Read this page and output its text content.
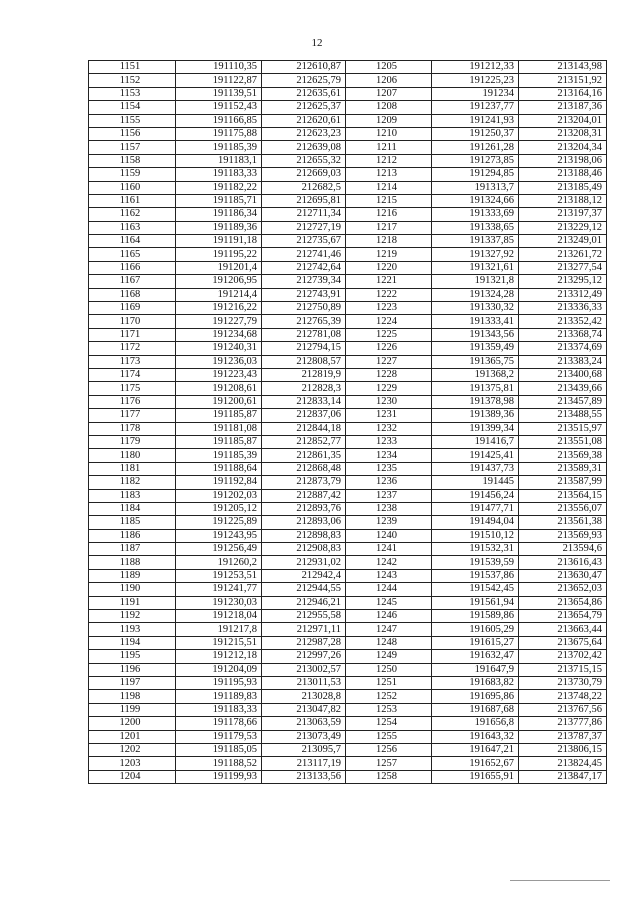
12
1151	191110,35	212610,87	1205	191212,33	213143,98
1152	191122,87	212625,79	1206	191225,23	213151,92
1153	191139,51	212635,61	1207	191234	213164,16
1154	191152,43	212625,37	1208	191237,77	213187,36
1155	191166,85	212620,61	1209	191241,93	213204,01
1156	191175,88	212623,23	1210	191250,37	213208,31
1157	191185,39	212639,08	1211	191261,28	213204,34
1158	191183,1	212655,32	1212	191273,85	213198,06
1159	191183,33	212669,03	1213	191294,85	213188,46
1160	191182,22	212682,5	1214	191313,7	213185,49
1161	191185,71	212695,81	1215	191324,66	213188,12
1162	191186,34	212711,34	1216	191333,69	213197,37
1163	191189,36	212727,19	1217	191338,65	213229,12
1164	191191,18	212735,67	1218	191337,85	213249,01
1165	191195,22	212741,46	1219	191327,92	213261,72
1166	191201,4	212742,64	1220	191321,61	213277,54
1167	191206,95	212739,34	1221	191321,8	213295,12
1168	191214,4	212743,91	1222	191324,28	213312,49
1169	191216,22	212750,89	1223	191330,32	213336,33
1170	191227,79	212765,39	1224	191333,41	213352,42
1171	191234,68	212781,08	1225	191343,56	213368,74
1172	191240,31	212794,15	1226	191359,49	213374,69
1173	191236,03	212808,57	1227	191365,75	213383,24
1174	191223,43	212819,9	1228	191368,2	213400,68
1175	191208,61	212828,3	1229	191375,81	213439,66
1176	191200,61	212833,14	1230	191378,98	213457,89
1177	191185,87	212837,06	1231	191389,36	213488,55
1178	191181,08	212844,18	1232	191399,34	213515,97
1179	191185,87	212852,77	1233	191416,7	213551,08
1180	191185,39	212861,35	1234	191425,41	213569,38
1181	191188,64	212868,48	1235	191437,73	213589,31
1182	191192,84	212873,79	1236	191445	213587,99
1183	191202,03	212887,42	1237	191456,24	213564,15
1184	191205,12	212893,76	1238	191477,71	213556,07
1185	191225,89	212893,06	1239	191494,04	213561,38
1186	191243,95	212898,83	1240	191510,12	213569,93
1187	191256,49	212908,83	1241	191532,31	213594,6
1188	191260,2	212931,02	1242	191539,59	213616,43
1189	191253,51	212942,4	1243	191537,86	213630,47
1190	191241,77	212944,55	1244	191542,45	213652,03
1191	191230,03	212946,21	1245	191561,94	213654,86
1192	191218,04	212955,58	1246	191589,86	213654,79
1193	191217,8	212971,11	1247	191605,29	213663,44
1194	191215,51	212987,28	1248	191615,27	213675,64
1195	191212,18	212997,26	1249	191632,47	213702,42
1196	191204,09	213002,57	1250	191647,9	213715,15
1197	191195,93	213011,53	1251	191683,82	213730,79
1198	191189,83	213028,8	1252	191695,86	213748,22
1199	191183,33	213047,82	1253	191687,68	213767,56
1200	191178,66	213063,59	1254	191656,8	213777,86
1201	191179,53	213073,49	1255	191643,32	213787,37
1202	191185,05	213095,7	1256	191647,21	213806,15
1203	191188,52	213117,19	1257	191652,67	213824,45
1204	191199,93	213133,56	1258	191655,91	213847,17
